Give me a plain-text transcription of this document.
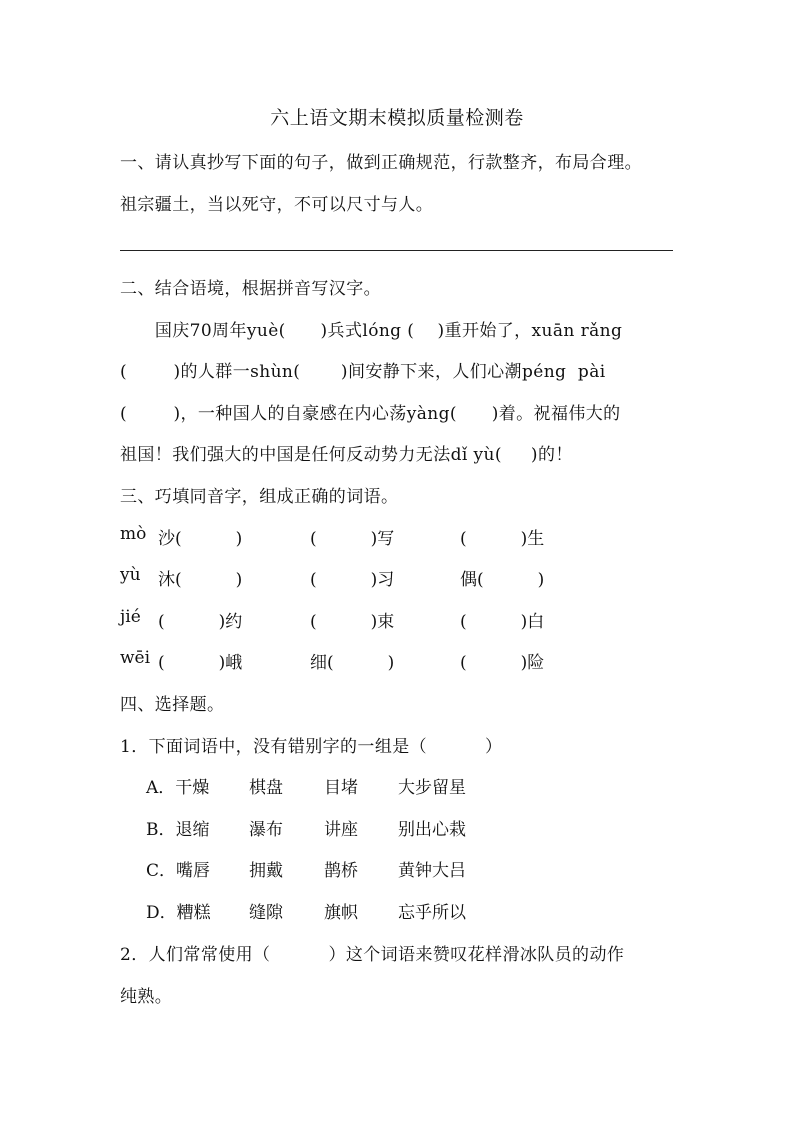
六上语文期末模拟质量检测卷
一、请认真抄写下面的句子，做到正确规范，行款整齐，布局合理。
祖宗疆土，当以死守，不可以尺寸与人。
二、结合语境，根据拼音写汉字。
国庆70周年yuè(      )兵式lóng (    )重开始了，xuān rǎng
(        )的人群一shùn(       )间安静下来，人们心潮péng  pài
(        )，一种国人的自豪感在内心荡yàng(      )着。祝福伟大的
祖国！我们强大的中国是任何反动势力无法dǐ yù(     )的！
三、巧填同音字，组成正确的词语。
mò 沙(          )	(          )写	(          )生
yù 沐(          )	(          )习	偶(          )
jié (          )约	(          )束	(          )白
wēi (          )峨	细(          )	(          )险
四、选择题。
1．下面词语中，没有错别字的一组是（          ）
A．干燥 棋盘 目堵 大步留星
B．退缩 瀑布 讲座 别出心栽
C．嘴唇 拥戴 鹊桥 黄钟大吕
D．糟糕 缝隙 旗帜 忘乎所以
2．人们常常使用（          ）这个词语来赞叹花样滑冰队员的动作
纯熟。
